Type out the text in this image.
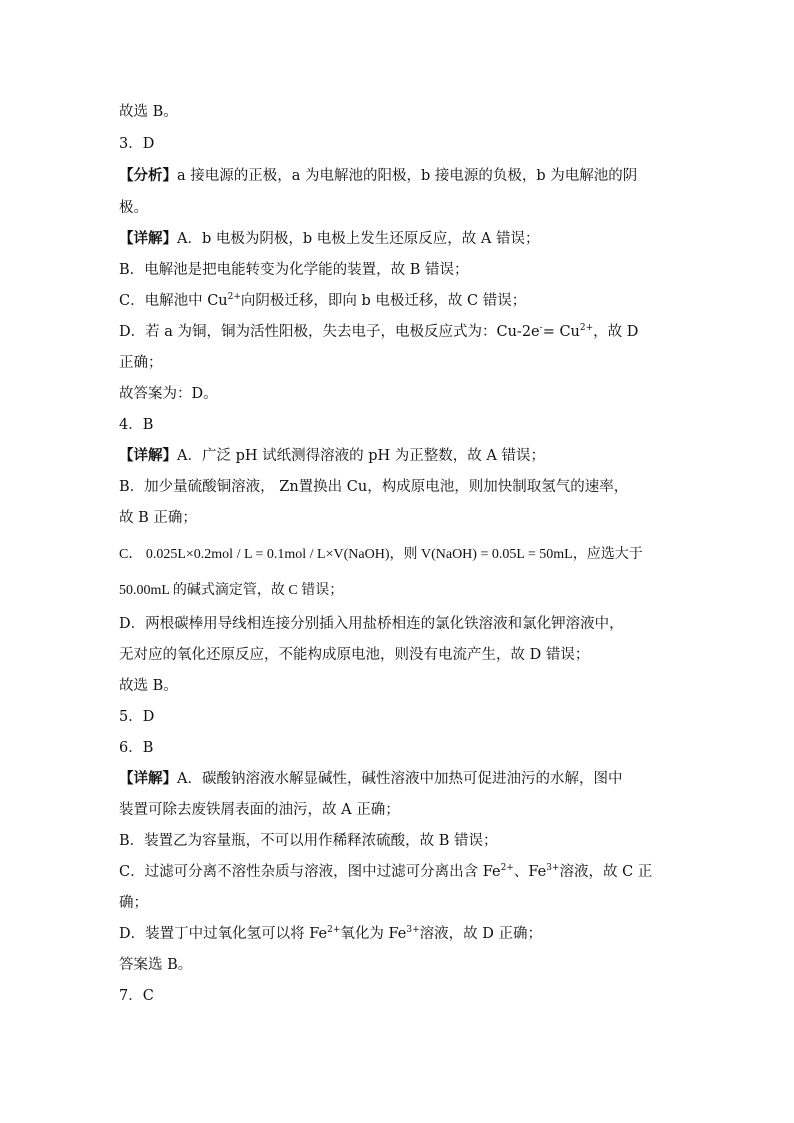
故选 B。
3．D
【分析】a 接电源的正极，a 为电解池的阳极，b 接电源的负极，b 为电解池的阴
极。
【详解】A．b 电极为阴极，b 电极上发生还原反应，故 A 错误；
B．电解池是把电能转变为化学能的装置，故 B 错误；
C．电解池中 $Cu^{2+}$向阴极迁移，即向 b 电极迁移，故 C 错误；
D．若 a 为铜，铜为活性阳极，失去电子，电极反应式为：$Cu-2e^-= Cu^{2+}$，故 D
正确；
故答案为：D。
4．B
【详解】A．广泛 pH 试纸测得溶液的 pH 为正整数，故 A 错误；
B．加少量硫酸铜溶液， Zn置换出 Cu，构成原电池，则加快制取氢气的速率，
故 B 正确；
C． 0.025L×0.2mol / L = 0.1mol / L×V(NaOH)，则 V(NaOH) = 0.05L = 50mL，应选大于
50.00mL 的碱式滴定管，故 C 错误；
D．两根碳棒用导线相连接分别插入用盐桥相连的氯化铁溶液和氯化钾溶液中，
无对应的氧化还原反应，不能构成原电池，则没有电流产生，故 D 错误；
故选 B。
5．D
6．B
【详解】A．碳酸钠溶液水解显碱性，碱性溶液中加热可促进油污的水解，图中
装置可除去废铁屑表面的油污，故 A 正确；
B．装置乙为容量瓶，不可以用作稀释浓硫酸，故 B 错误；
C．过滤可分离不溶性杂质与溶液，图中过滤可分离出含 $Fe^{2+}$、$Fe^{3+}$溶液，故 C 正
确；
D．装置丁中过氧化氢可以将 $Fe^{2+}$氧化为 $Fe^{3+}$溶液，故 D 正确；
答案选 B。
7．C
